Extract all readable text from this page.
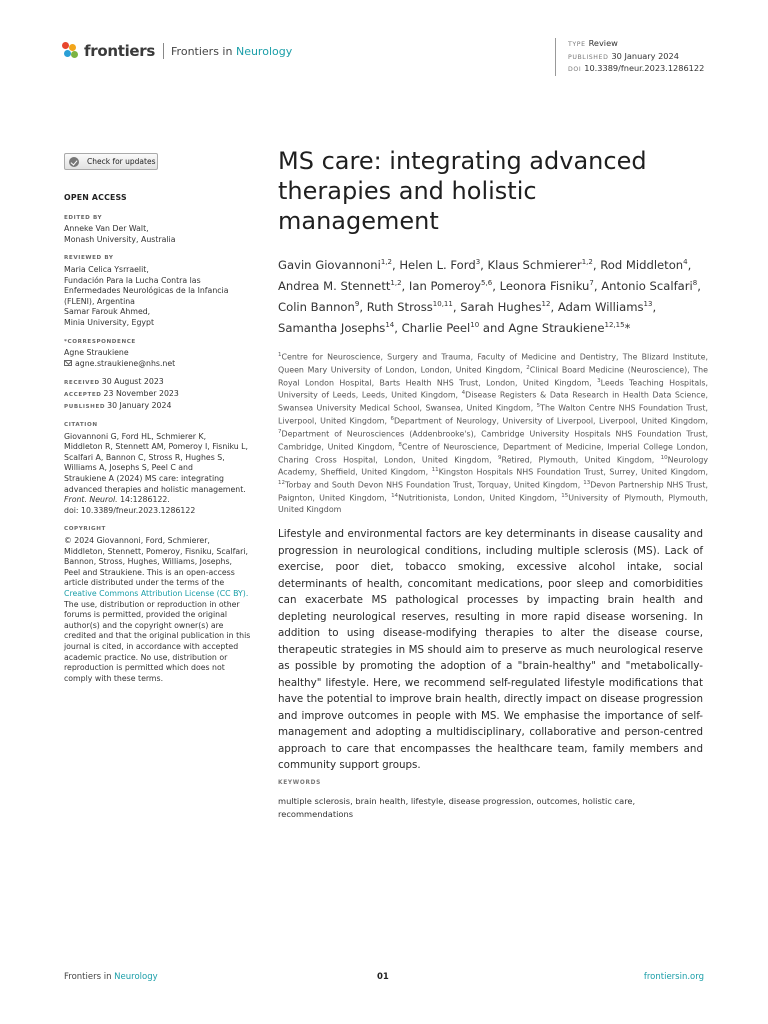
frontiers Frontiers in Neurology	TYPE Review
PUBLISHED 30 January 2024
DOI 10.3389/fneur.2023.1286122
Check for updates
OPEN ACCESS
EDITED BY
Anneke Van Der Walt,
Monash University, Australia
REVIEWED BY
Maria Celica Ysrraelit,
Fundación Para la Lucha Contra las
Enfermedades Neurológicas de la Infancia
(FLENI), Argentina
Samar Farouk Ahmed,
Minia University, Egypt
*CORRESPONDENCE
Agne Straukiene
agne.straukiene@nhs.net
RECEIVED 30 August 2023
ACCEPTED 23 November 2023
PUBLISHED 30 January 2024
CITATION
Giovannoni G, Ford HL, Schmierer K,
Middleton R, Stennett AM, Pomeroy I, Fisniku L,
Scalfari A, Bannon C, Stross R, Hughes S,
Williams A, Josephs S, Peel C and
Straukiene A (2024) MS care: integrating
advanced therapies and holistic management.
Front. Neurol. 14:1286122.
doi: 10.3389/fneur.2023.1286122
COPYRIGHT
© 2024 Giovannoni, Ford, Schmierer,
Middleton, Stennett, Pomeroy, Fisniku, Scalfari,
Bannon, Stross, Hughes, Williams, Josephs,
Peel and Straukiene. This is an open-access
article distributed under the terms of the
Creative Commons Attribution License (CC BY).
The use, distribution or reproduction in other
forums is permitted, provided the original
author(s) and the copyright owner(s) are
credited and that the original publication in this
journal is cited, in accordance with accepted
academic practice. No use, distribution or
reproduction is permitted which does not
comply with these terms.
MS care: integrating advanced
therapies and holistic
management
Gavin Giovannoni$^{1,2}$, Helen L. Ford$^3$, Klaus Schmierer$^{1,2}$, Rod Middleton$^4$, Andrea M. Stennett$^{1,2}$, Ian Pomeroy$^{5,6}$, Leonora Fisniku$^7$, Antonio Scalfari$^8$, Colin Bannon$^9$, Ruth Stross$^{10,11}$, Sarah Hughes$^{12}$, Adam Williams$^{13}$, Samantha Josephs$^{14}$, Charlie Peel$^{10}$ and Agne Straukiene$^{12,15}$*
$^1$Centre for Neuroscience, Surgery and Trauma, Faculty of Medicine and Dentistry, The Blizard Institute, Queen Mary University of London, London, United Kingdom, $^2$Clinical Board Medicine (Neuroscience), The Royal London Hospital, Barts Health NHS Trust, London, United Kingdom, $^3$Leeds Teaching Hospitals, University of Leeds, Leeds, United Kingdom, $^4$Disease Registers & Data Research in Health Data Science, Swansea University Medical School, Swansea, United Kingdom, $^5$The Walton Centre NHS Foundation Trust, Liverpool, United Kingdom, $^6$Department of Neurology, University of Liverpool, Liverpool, United Kingdom, $^7$Department of Neurosciences (Addenbrooke's), Cambridge University Hospitals NHS Foundation Trust, Cambridge, United Kingdom, $^8$Centre of Neuroscience, Department of Medicine, Imperial College London, Charing Cross Hospital, London, United Kingdom, $^9$Retired, Plymouth, United Kingdom, $^{10}$Neurology Academy, Sheffield, United Kingdom, $^{11}$Kingston Hospitals NHS Foundation Trust, Surrey, United Kingdom, $^{12}$Torbay and South Devon NHS Foundation Trust, Torquay, United Kingdom, $^{13}$Devon Partnership NHS Trust, Paignton, United Kingdom, $^{14}$Nutritionista, London, United Kingdom, $^{15}$University of Plymouth, Plymouth, United Kingdom
Lifestyle and environmental factors are key determinants in disease causality and progression in neurological conditions, including multiple sclerosis (MS). Lack of exercise, poor diet, tobacco smoking, excessive alcohol intake, social determinants of health, concomitant medications, poor sleep and comorbidities can exacerbate MS pathological processes by impacting brain health and depleting neurological reserves, resulting in more rapid disease worsening. In addition to using disease-modifying therapies to alter the disease course, therapeutic strategies in MS should aim to preserve as much neurological reserve as possible by promoting the adoption of a "brain-healthy" and "metabolically-healthy" lifestyle. Here, we recommend self-regulated lifestyle modifications that have the potential to improve brain health, directly impact on disease progression and improve outcomes in people with MS. We emphasise the importance of self-management and adopting a multidisciplinary, collaborative and person-centred approach to care that encompasses the healthcare team, family members and community support groups.
KEYWORDS
multiple sclerosis, brain health, lifestyle, disease progression, outcomes, holistic care, recommendations
Frontiers in Neurology	01	frontiersin.org
